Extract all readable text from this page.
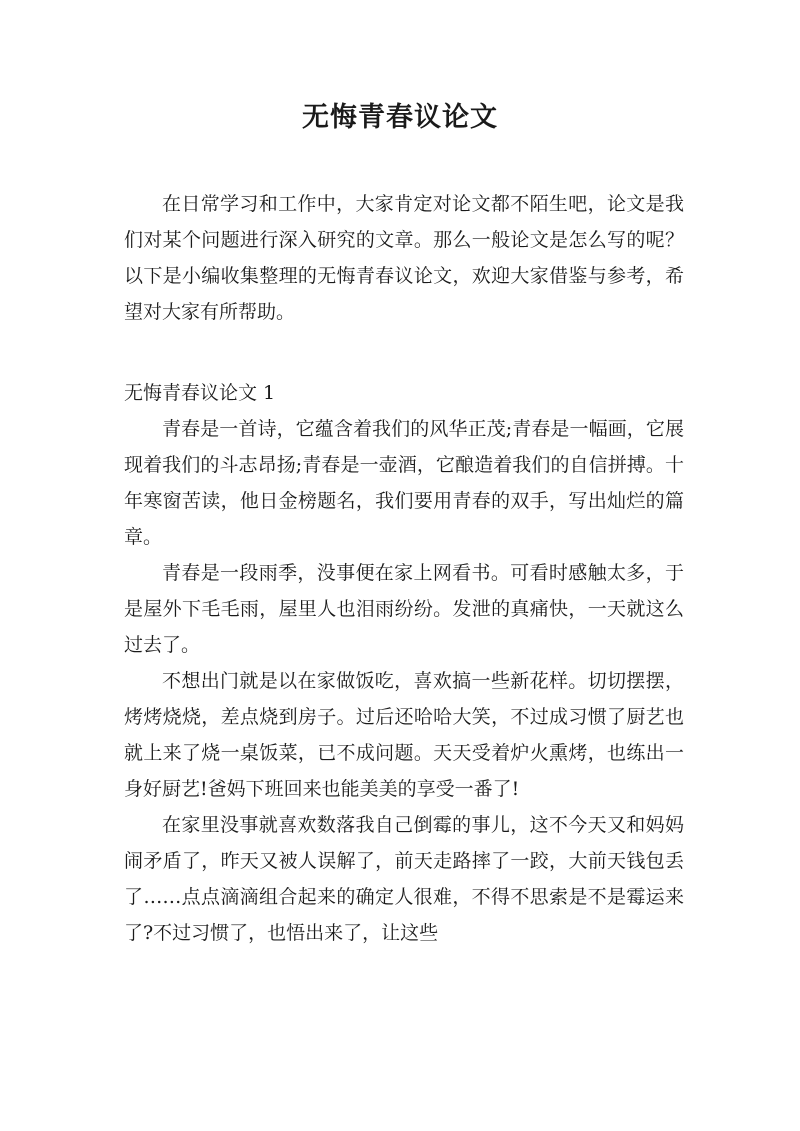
无悔青春议论文

在日常学习和工作中，大家肯定对论文都不陌生吧，论文是我们对某个问题进行深入研究的文章。那么一般论文是怎么写的呢？以下是小编收集整理的无悔青春议论文，欢迎大家借鉴与参考，希望对大家有所帮助。

无悔青春议论文 1

青春是一首诗，它蕴含着我们的风华正茂;青春是一幅画，它展现着我们的斗志昂扬;青春是一壶酒，它酿造着我们的自信拼搏。十年寒窗苦读，他日金榜题名，我们要用青春的双手，写出灿烂的篇章。

青春是一段雨季，没事便在家上网看书。可看时感触太多，于是屋外下毛毛雨，屋里人也泪雨纷纷。发泄的真痛快，一天就这么过去了。

不想出门就是以在家做饭吃，喜欢搞一些新花样。切切摆摆，烤烤烧烧，差点烧到房子。过后还哈哈大笑，不过成习惯了厨艺也就上来了烧一桌饭菜，已不成问题。天天受着炉火熏烤，也练出一身好厨艺!爸妈下班回来也能美美的享受一番了!

在家里没事就喜欢数落我自己倒霉的事儿，这不今天又和妈妈闹矛盾了，昨天又被人误解了，前天走路摔了一跤，大前天钱包丢了……点点滴滴组合起来的确定人很难，不得不思索是不是霉运来了?不过习惯了，也悟出来了，让这些
